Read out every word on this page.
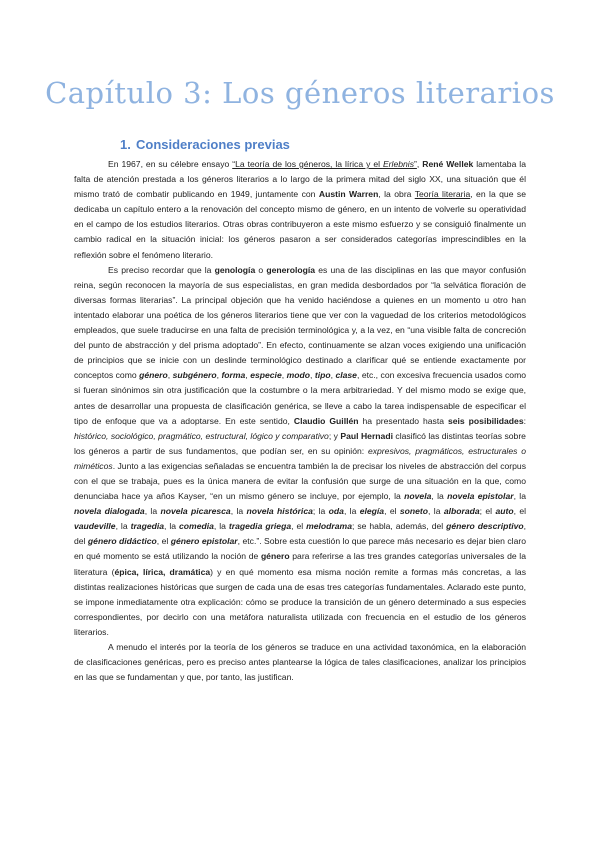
Capítulo 3: Los géneros literarios
1. Consideraciones previas

En 1967, en su célebre ensayo “La teoría de los géneros, la lírica y el Erlebnis”, René Wellek lamentaba la falta de atención prestada a los géneros literarios a lo largo de la primera mitad del siglo XX, una situación que él mismo trató de combatir publicando en 1949, juntamente con Austin Warren, la obra Teoría literaria, en la que se dedicaba un capítulo entero a la renovación del concepto mismo de género, en un intento de volverle su operatividad en el campo de los estudios literarios. Otras obras contribuyeron a este mismo esfuerzo y se consiguió finalmente un cambio radical en la situación inicial: los géneros pasaron a ser considerados categorías imprescindibles en la reflexión sobre el fenómeno literario.

Es preciso recordar que la genología o generología es una de las disciplinas en las que mayor confusión reina, según reconocen la mayoría de sus especialistas, en gran medida desbordados por “la selvática floración de diversas formas literarias”. La principal objeción que ha venido haciéndose a quienes en un momento u otro han intentado elaborar una poética de los géneros literarios tiene que ver con la vaguedad de los criterios metodológicos empleados, que suele traducirse en una falta de precisión terminológica y, a la vez, en “una visible falta de concreción del punto de abstracción y del prisma adoptado”. En efecto, continuamente se alzan voces exigiendo una unificación de principios que se inicie con un deslinde terminológico destinado a clarificar qué se entiende exactamente por conceptos como género, subgénero, forma, especie, modo, tipo, clase, etc., con excesiva frecuencia usados como si fueran sinónimos sin otra justificación que la costumbre o la mera arbitrariedad. Y del mismo modo se exige que, antes de desarrollar una propuesta de clasificación genérica, se lleve a cabo la tarea indispensable de especificar el tipo de enfoque que va a adoptarse. En este sentido, Claudio Guillén ha presentado hasta seis posibilidades: histórico, sociológico, pragmático, estructural, lógico y comparativo; y Paul Hernadi clasificó las distintas teorías sobre los géneros a partir de sus fundamentos, que podían ser, en su opinión: expresivos, pragmáticos, estructurales o miméticos. Junto a las exigencias señaladas se encuentra también la de precisar los niveles de abstracción del corpus con el que se trabaja, pues es la única manera de evitar la confusión que surge de una situación en la que, como denunciaba hace ya años Kayser, “en un mismo género se incluye, por ejemplo, la novela, la novela epistolar, la novela dialogada, la novela picaresca, la novela histórica; la oda, la elegía, el soneto, la alborada; el auto, el vaudeville, la tragedia, la comedia, la tragedia griega, el melodrama; se habla, además, del género descriptivo, del género didáctico, el género epistolar, etc.”. Sobre esta cuestión lo que parece más necesario es dejar bien claro en qué momento se está utilizando la noción de género para referirse a las tres grandes categorías universales de la literatura (épica, lírica, dramática) y en qué momento esa misma noción remite a formas más concretas, a las distintas realizaciones históricas que surgen de cada una de esas tres categorías fundamentales. Aclarado este punto, se impone inmediatamente otra explicación: cómo se produce la transición de un género determinado a sus especies correspondientes, por decirlo con una metáfora naturalista utilizada con frecuencia en el estudio de los géneros literarios.

A menudo el interés por la teoría de los géneros se traduce en una actividad taxonómica, en la elaboración de clasificaciones genéricas, pero es preciso antes plantearse la lógica de tales clasificaciones, analizar los principios en las que se fundamentan y que, por tanto, las justifican.
